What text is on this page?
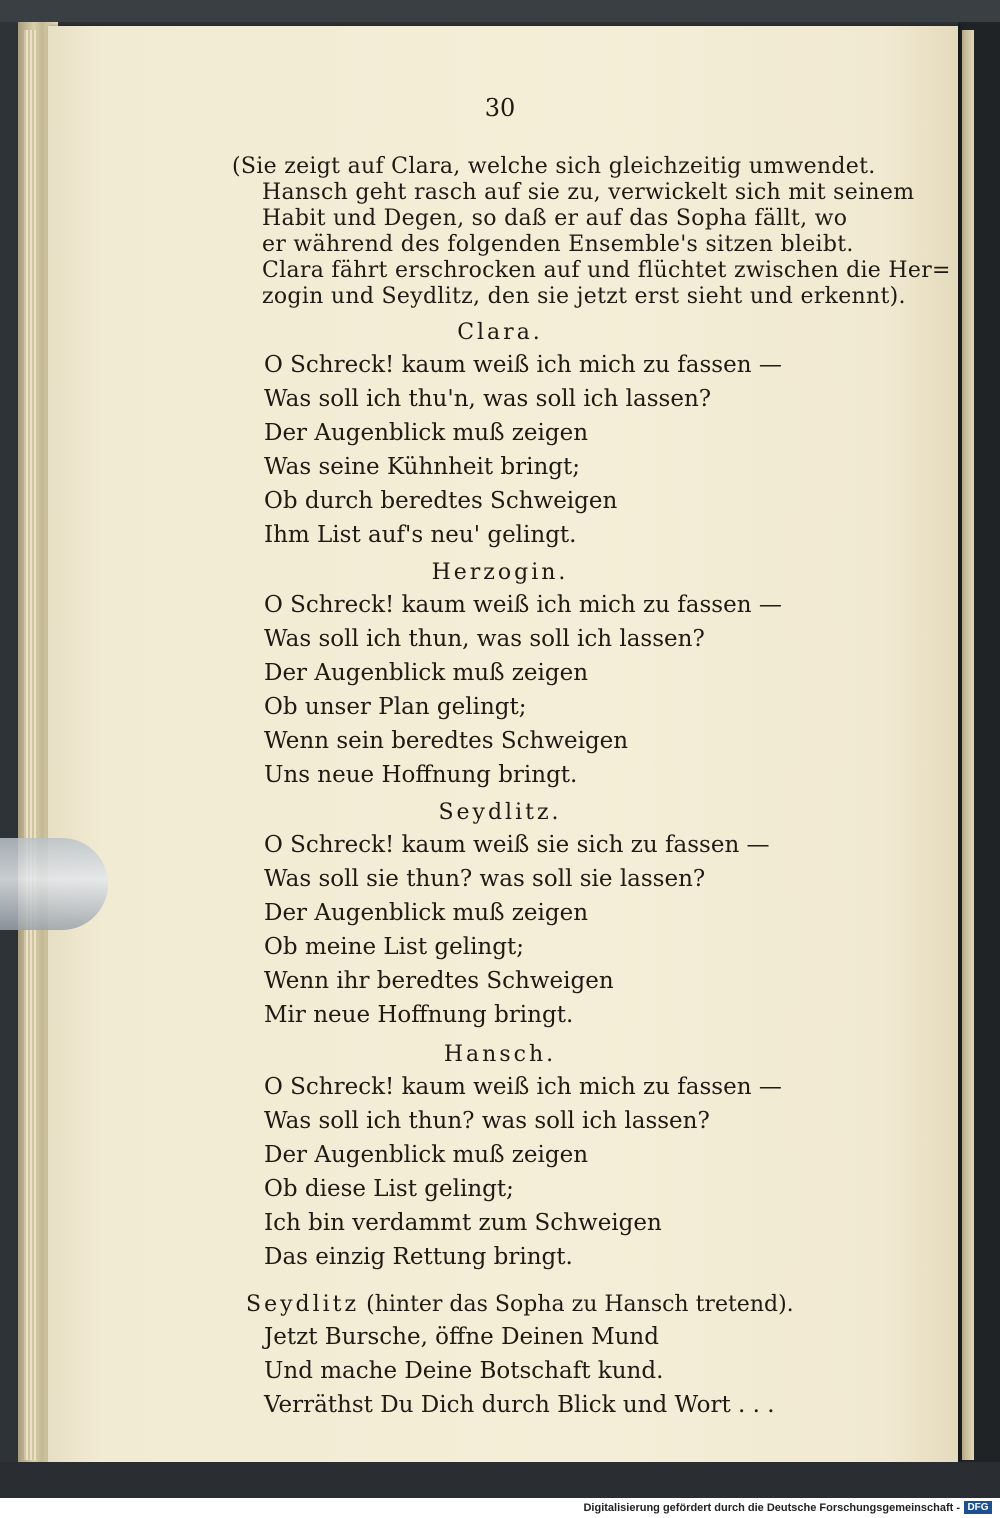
Digitalisierung gefördert durch die Deutsche Forschungsgemeinschaft - DFG
30
(Sie zeigt auf Clara, welche sich gleichzeitig umwendet.
Hansch geht rasch auf sie zu, verwickelt sich mit seinem
Habit und Degen, so daß er auf das Sopha fällt, wo
er während des folgenden Ensemble's sitzen bleibt.
Clara fährt erschrocken auf und flüchtet zwischen die Her=
zogin und Seydlitz, den sie jetzt erst sieht und erkennt).
Clara.
O Schreck! kaum weiß ich mich zu fassen —
Was soll ich thu'n, was soll ich lassen?
Der Augenblick muß zeigen
Was seine Kühnheit bringt;
Ob durch beredtes Schweigen
Ihm List auf's neu' gelingt.
Herzogin.
O Schreck! kaum weiß ich mich zu fassen —
Was soll ich thun, was soll ich lassen?
Der Augenblick muß zeigen
Ob unser Plan gelingt;
Wenn sein beredtes Schweigen
Uns neue Hoffnung bringt.
Seydlitz.
O Schreck! kaum weiß sie sich zu fassen —
Was soll sie thun? was soll sie lassen?
Der Augenblick muß zeigen
Ob meine List gelingt;
Wenn ihr beredtes Schweigen
Mir neue Hoffnung bringt.
Hansch.
O Schreck! kaum weiß ich mich zu fassen —
Was soll ich thun? was soll ich lassen?
Der Augenblick muß zeigen
Ob diese List gelingt;
Ich bin verdammt zum Schweigen
Das einzig Rettung bringt.
Seydlitz (hinter das Sopha zu Hansch tretend).
Jetzt Bursche, öffne Deinen Mund
Und mache Deine Botschaft kund.
Verräthst Du Dich durch Blick und Wort . . .
